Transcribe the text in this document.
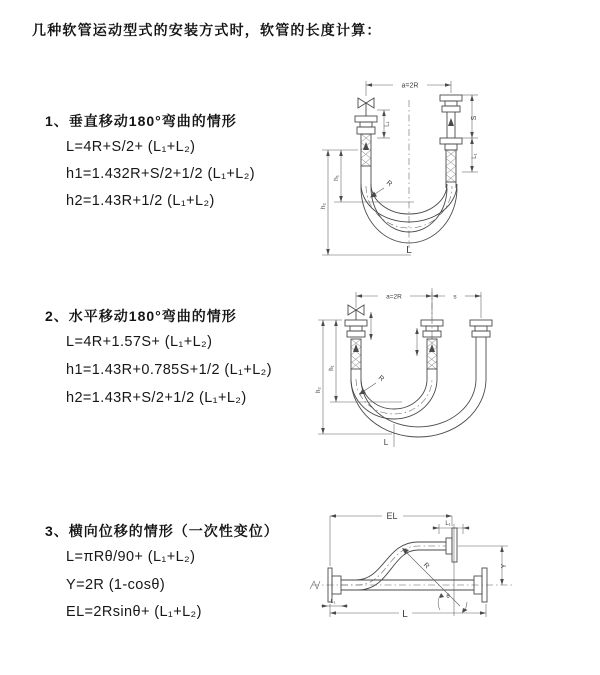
几种软管运动型式的安装方式时，软管的长度计算：
1、垂直移动180°弯曲的情形
L=4R+S/2+ (L₁+L₂)
h1=1.432R+S/2+1/2 (L₁+L₂)
h2=1.43R+1/2 (L₁+L₂)
2、水平移动180°弯曲的情形
L=4R+1.57S+ (L₁+L₂)
h1=1.43R+0.785S+1/2 (L₁+L₂)
h2=1.43R+S/2+1/2 (L₁+L₂)
3、横向位移的情形（一次性变位）
L=πRθ/90+ (L₁+L₂)
Y=2R (1-cosθ)
EL=2Rsinθ+ (L₁+L₂)
a=2R
R
h₁
h₂
L₁
S
L₁
L
a=2R	s
R
h₁
h₂
L
R
θ
EL
L₁
Y
L
L₁
